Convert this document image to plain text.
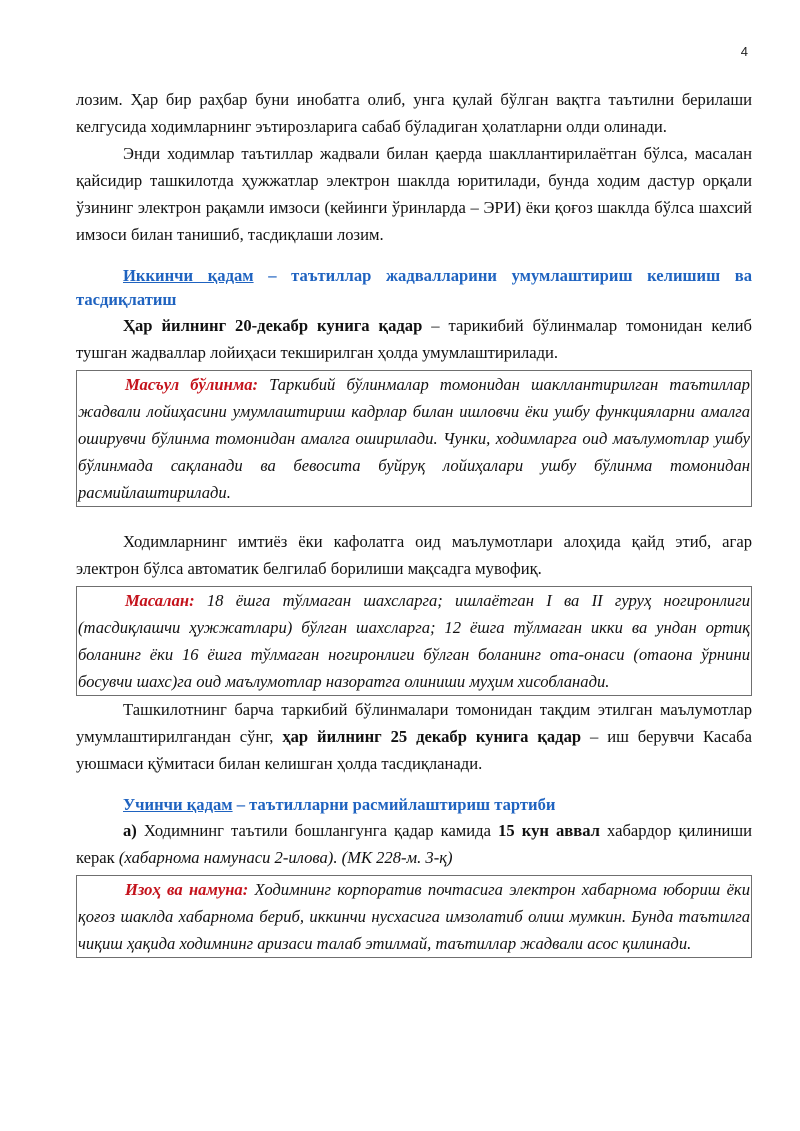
4

лозим. Ҳар бир раҳбар буни инобатга олиб, унга қулай бўлган вақтга таътилни берилаши келгусида ходимларнинг эътирозларига сабаб бўладиган ҳолатларни олди олинади.

Энди ходимлар таътиллар жадвали билан қаерда шакллантирилаётган бўлса, масалан қайсидир ташкилотда ҳужжатлар электрон шаклда юритилади, бунда ходим дастур орқали ўзининг электрон рақамли имзоси (кейинги ўринларда – ЭРИ) ёки қоғоз шаклда бўлса шахсий имзоси билан танишиб, тасдиқлаши лозим.

Иккинчи қадам – таътиллар жадвалларини умумлаштириш келишиш ва тасдиқлатиш

Ҳар йилнинг 20-декабр кунига қадар – тарикибий бўлинмалар томонидан келиб тушган жадваллар лойиҳаси текширилган ҳолда умумлаштирилади.

Масъул бўлинма: Таркибий бўлинмалар томонидан шакллантирилган таътиллар жадвали лойиҳасини умумлаштириш кадрлар билан ишловчи ёки ушбу функцияларни амалга оширувчи бўлинма томонидан амалга оширилади. Чунки, ходимларга оид маълумотлар ушбу бўлинмада сақланади ва бевосита буйруқ лойиҳалари ушбу бўлинма томонидан расмийлаштирилади.

Ходимларнинг имтиёз ёки кафолатга оид маълумотлари алоҳида қайд этиб, агар электрон бўлса автоматик белгилаб борилиши мақсадга мувофиқ.

Масалан: 18 ёшга тўлмаган шахсларга; ишлаётган I ва II гуруҳ ногиронлиги (тасдиқлашчи ҳужжатлари) бўлган шахсларга; 12 ёшга тўлмаган икки ва ундан ортиқ боланинг ёки 16 ёшга тўлмаган ногиронлиги бўлган боланинг ота-онаси (отаона ўрнини босувчи шахс)га оид маълумотлар назоратга олиниши муҳим хисобланади.

Ташкилотнинг барча таркибий бўлинмалари томонидан тақдим этилган маълумотлар умумлаштирилгандан сўнг, ҳар йилнинг 25 декабр кунига қадар – иш берувчи Касаба уюшмаси қўмитаси билан келишган ҳолда тасдиқланади.

Учинчи қадам – таътилларни расмийлаштириш тартиби

а) Ходимнинг таътили бошлангунга қадар камида 15 кун аввал хабардор қилиниши керак (хабарнома намунаси 2-илова). (МК 228-м. 3-қ)

Изоҳ ва намуна: Ходимнинг корпоратив почтасига электрон хабарнома юбориш ёки қоғоз шаклда хабарнома бериб, иккинчи нусхасига имзолатиб олиш мумкин. Бунда таътилга чиқиш ҳақида ходимнинг аризаси талаб этилмай, таътиллар жадвали асос қилинади.
